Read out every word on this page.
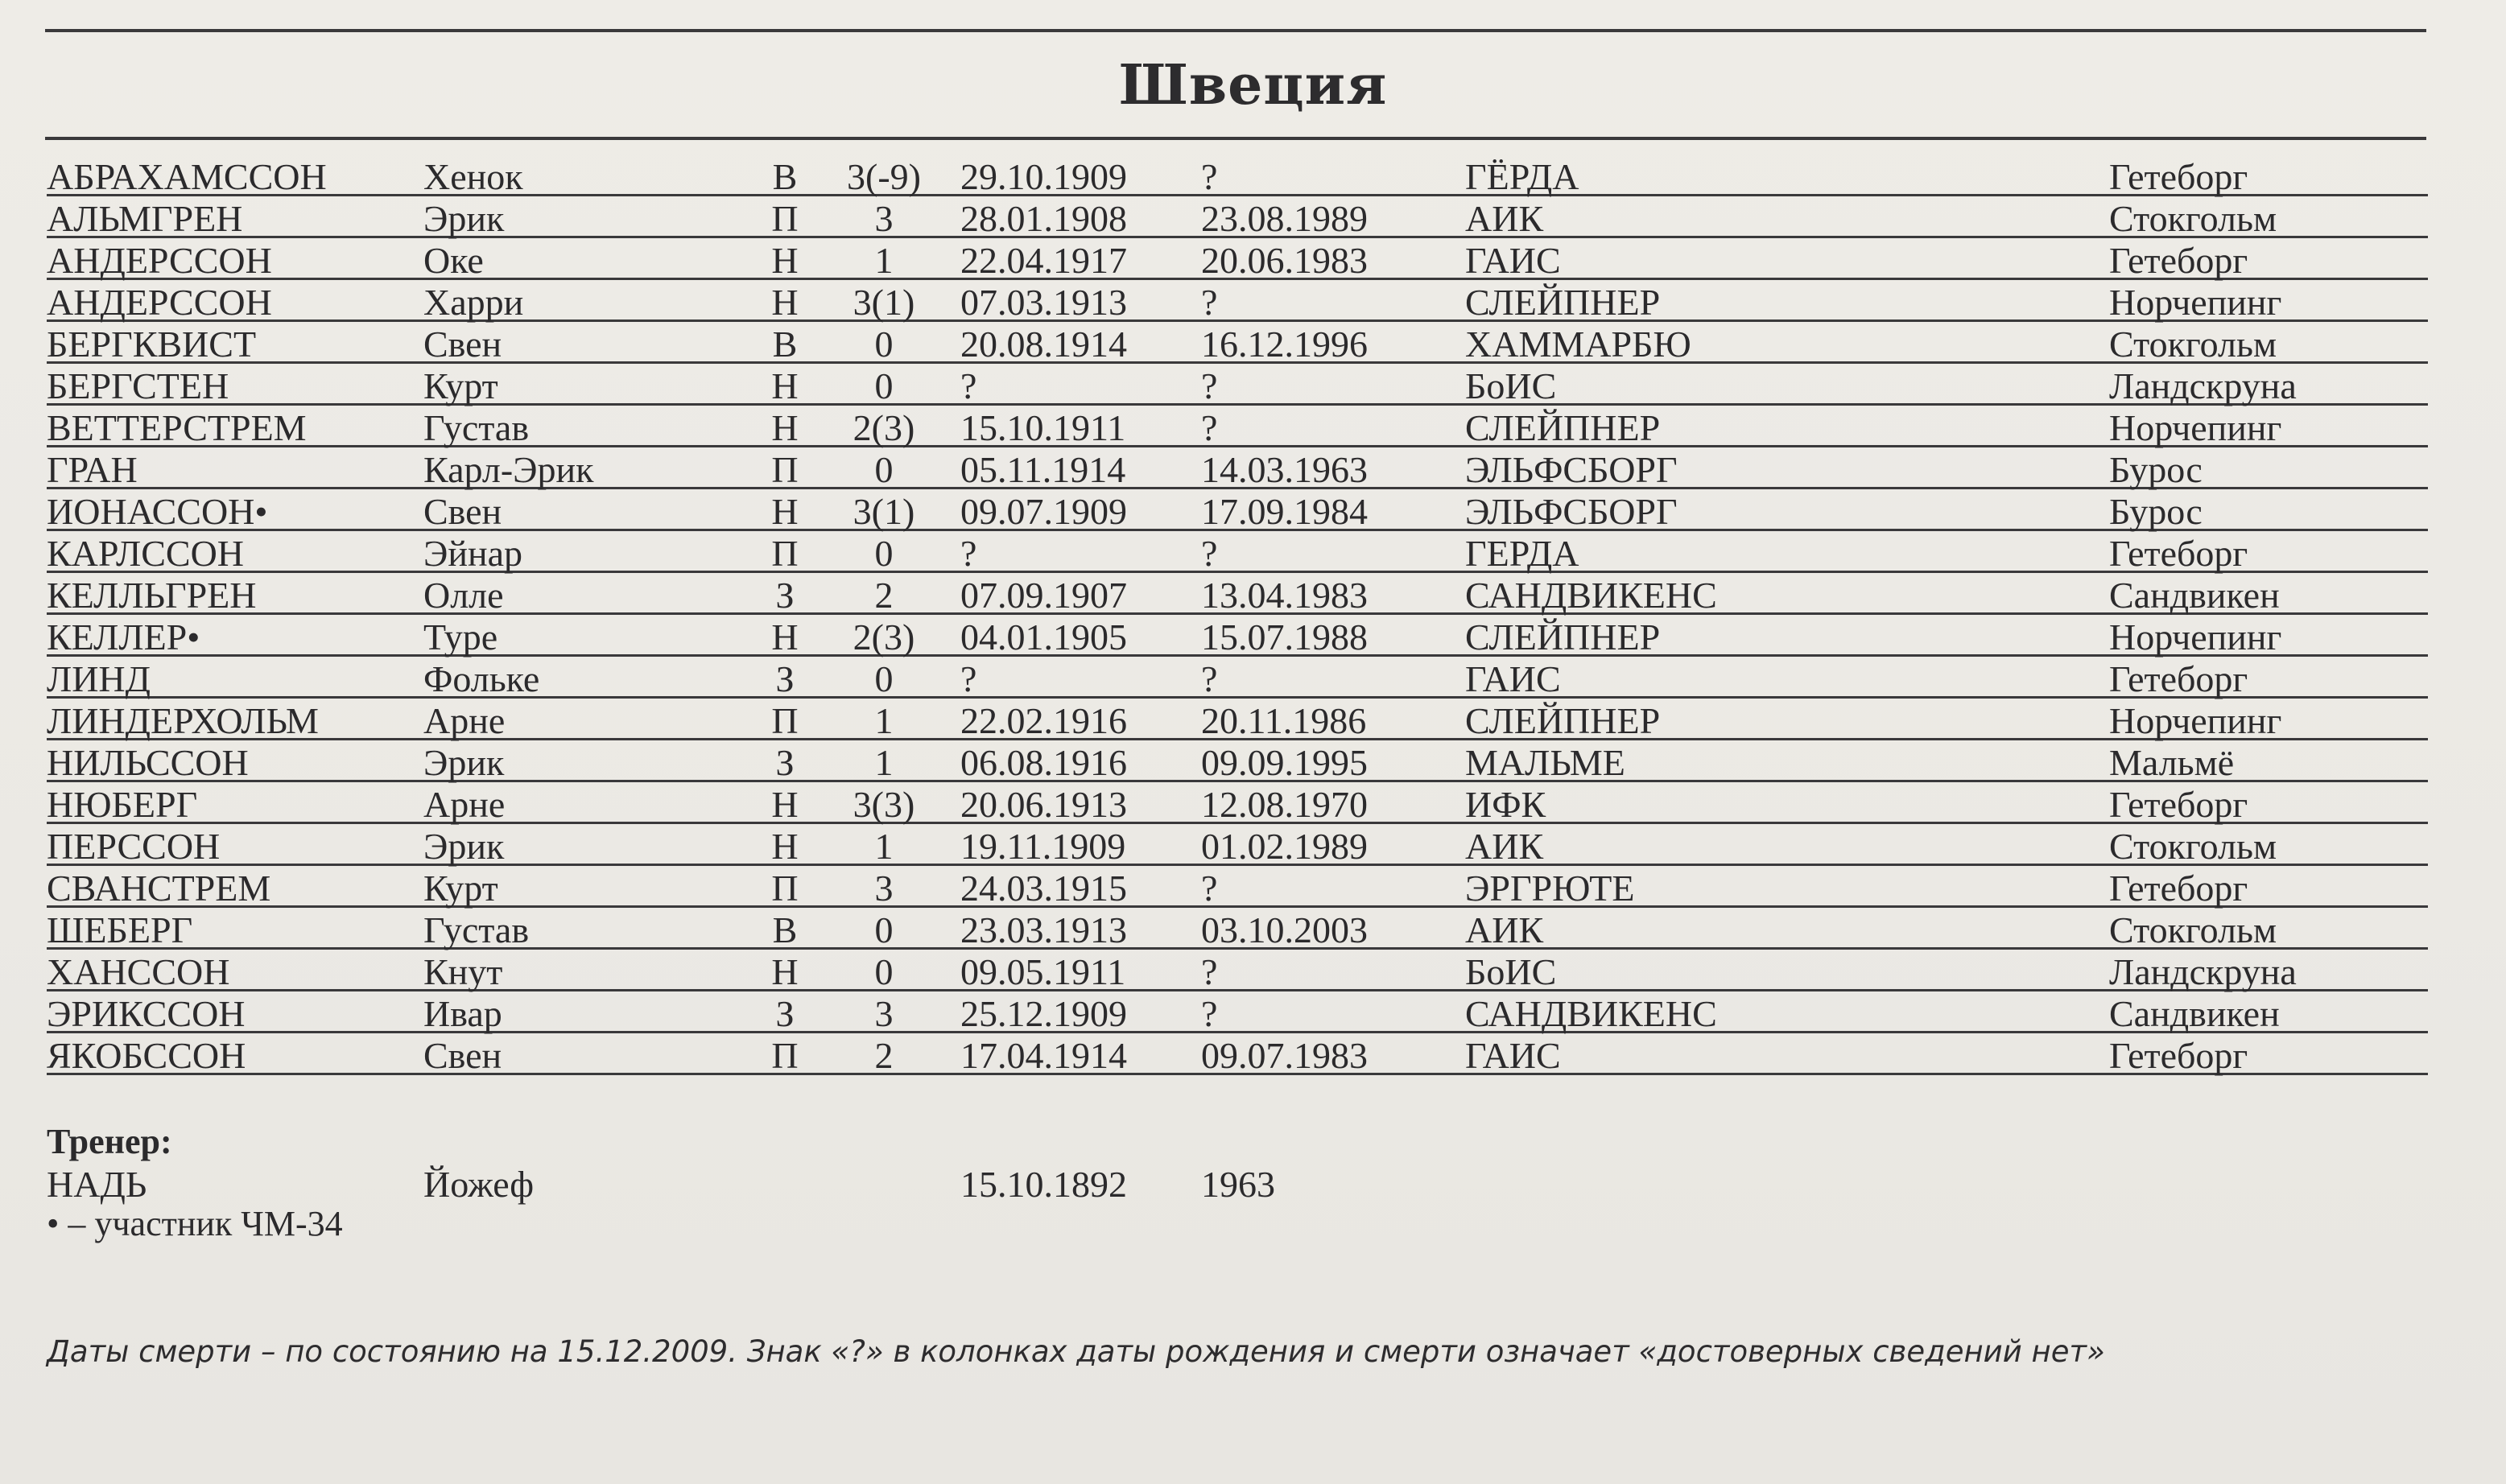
Швеция
АБРАХАМССОН	Хенок	В	3(-9) 29.10.1909 ?	ГЁРДА	Гетеборг
АЛЬМГРЕН	Эрик	П	3	28.01.1908 23.08.1989	АИК	Стокгольм
АНДЕРССОН	Оке	Н	1	22.04.1917 20.06.1983	ГАИС	Гетеборг
АНДЕРССОН	Харри	Н	3(1)	07.03.1913 ?	СЛЕЙПНЕР	Норчепинг
БЕРГКВИСТ	Свен	В	0	20.08.1914 16.12.1996	ХАММАРБЮ	Стокгольм
БЕРГСТЕН	Курт	Н	0	?	?	БоИС	Ландскруна
ВЕТТЕРСТРЕМ	Густав	Н	2(3)	15.10.1911 ?	СЛЕЙПНЕР	Норчепинг
ГРАН	Карл-Эрик	П	0	05.11.1914 14.03.1963	ЭЛЬФСБОРГ	Бурос
ИОНАССОН•	Свен	Н	3(1)	09.07.1909 17.09.1984	ЭЛЬФСБОРГ	Бурос
КАРЛССОН	Эйнар	П	0	?	?	ГЕРДА	Гетеборг
КЕЛЛЬГРЕН	Олле	З	2	07.09.1907 13.04.1983	САНДВИКЕНС	Сандвикен
КЕЛЛЕР•	Туре	Н	2(3)	04.01.1905 15.07.1988	СЛЕЙПНЕР	Норчепинг
ЛИНД	Фольке	З	0	?	?	ГАИС	Гетеборг
ЛИНДЕРХОЛЬМ	Арне	П	1	22.02.1916 20.11.1986	СЛЕЙПНЕР	Норчепинг
НИЛЬССОН	Эрик	З	1	06.08.1916 09.09.1995	МАЛЬМЕ	Мальмё
НЮБЕРГ	Арне	Н	3(3)	20.06.1913 12.08.1970	ИФК	Гетеборг
ПЕРССОН	Эрик	Н	1	19.11.1909 01.02.1989	АИК	Стокгольм
СВАНСТРЕМ	Курт	П	3	24.03.1915 ?	ЭРГРЮТЕ	Гетеборг
ШЕБЕРГ	Густав	В	0	23.03.1913 03.10.2003	АИК	Стокгольм
ХАНССОН	Кнут	Н	0	09.05.1911 ?	БоИС	Ландскруна
ЭРИКССОН	Ивар	З	3	25.12.1909 ?	САНДВИКЕНС	Сандвикен
ЯКОБССОН	Свен	П	2	17.04.1914 09.07.1983	ГАИС	Гетеборг
Тренер:
НАДЬ	Йожеф	15.10.1892 1963
• – участник ЧМ-34
Даты смерти – по состоянию на 15.12.2009. Знак «?» в колонках даты рождения и смерти означает «достоверных сведений нет»
